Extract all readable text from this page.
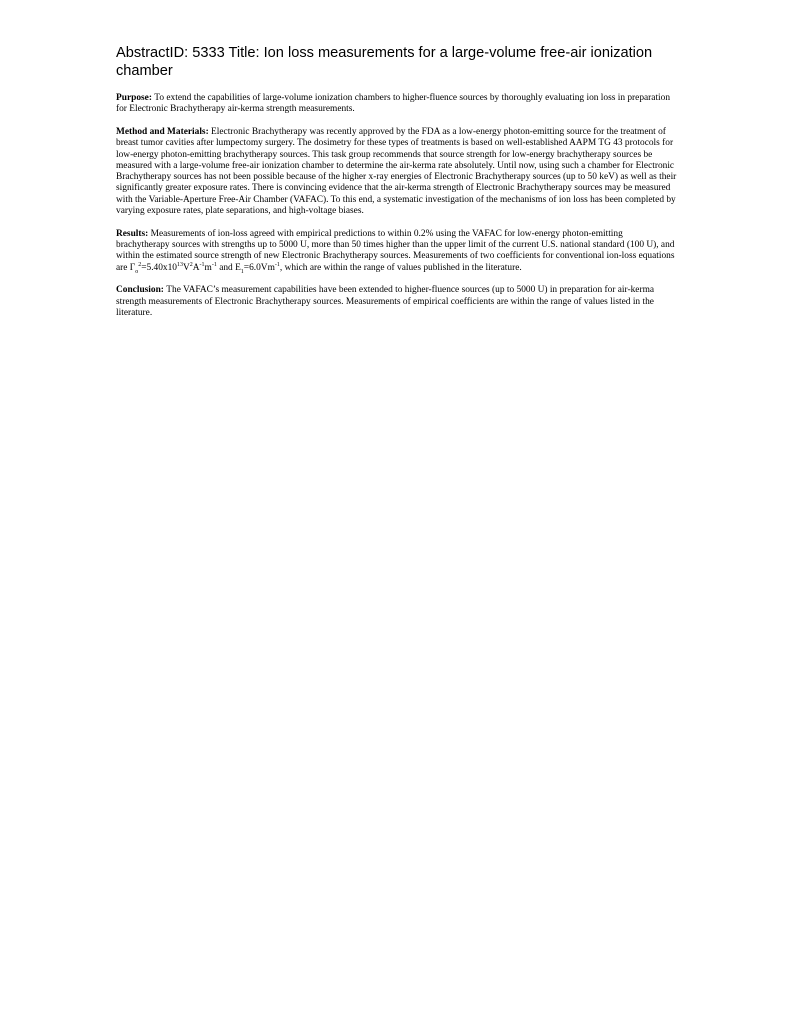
AbstractID: 5333 Title: Ion loss measurements for a large-volume free-air ionization chamber

Purpose: To extend the capabilities of large-volume ionization chambers to higher-fluence sources by thoroughly evaluating ion loss in preparation for Electronic Brachytherapy air-kerma strength measurements.

Method and Materials: Electronic Brachytherapy was recently approved by the FDA as a low-energy photon-emitting source for the treatment of breast tumor cavities after lumpectomy surgery. The dosimetry for these types of treatments is based on well-established AAPM TG 43 protocols for low-energy photon-emitting brachytherapy sources. This task group recommends that source strength for low-energy brachytherapy sources be measured with a large-volume free-air ionization chamber to determine the air-kerma rate absolutely. Until now, using such a chamber for Electronic Brachytherapy sources has not been possible because of the higher x-ray energies of Electronic Brachytherapy sources (up to 50 keV) as well as their significantly greater exposure rates. There is convincing evidence that the air-kerma strength of Electronic Brachytherapy sources may be measured with the Variable-Aperture Free-Air Chamber (VAFAC). To this end, a systematic investigation of the mechanisms of ion loss has been completed by varying exposure rates, plate separations, and high-voltage biases.

Results: Measurements of ion-loss agreed with empirical predictions to within 0.2% using the VAFAC for low-energy photon-emitting brachytherapy sources with strengths up to 5000 U, more than 50 times higher than the upper limit of the current U.S. national standard (100 U), and within the estimated source strength of new Electronic Brachytherapy sources. Measurements of two coefficients for conventional ion-loss equations are $\Gamma_o^2=5.40x10^{13}V^2A^{-1}m^{-1}$ and $E_1=6.0Vm^{-1}$, which are within the range of values published in the literature.

Conclusion: The VAFAC’s measurement capabilities have been extended to higher-fluence sources (up to 5000 U) in preparation for air-kerma strength measurements of Electronic Brachytherapy sources. Measurements of empirical coefficients are within the range of values listed in the literature.
